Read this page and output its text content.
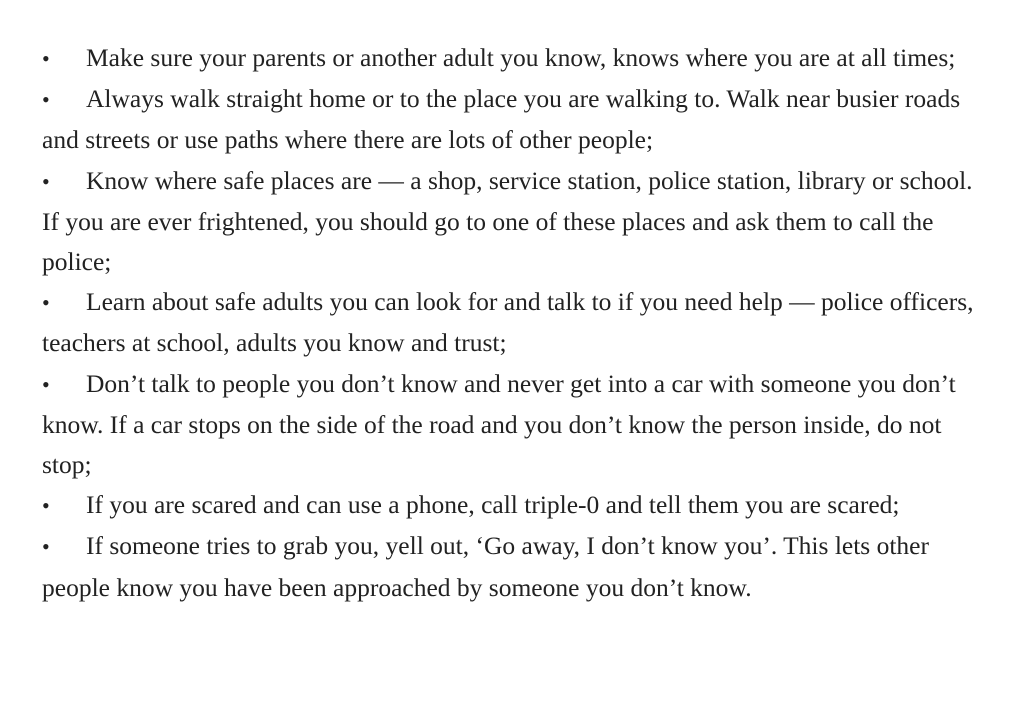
• Make sure your parents or another adult you know, knows where you are at all times;
• Always walk straight home or to the place you are walking to. Walk near busier roads and streets or use paths where there are lots of other people;
• Know where safe places are — a shop, service station, police station, library or school. If you are ever frightened, you should go to one of these places and ask them to call the police;
• Learn about safe adults you can look for and talk to if you need help — police officers, teachers at school, adults you know and trust;
• Don’t talk to people you don’t know and never get into a car with someone you don’t know. If a car stops on the side of the road and you don’t know the person inside, do not stop;
• If you are scared and can use a phone, call triple-0 and tell them you are scared;
• If someone tries to grab you, yell out, ‘Go away, I don’t know you’. This lets other people know you have been approached by someone you don’t know.
